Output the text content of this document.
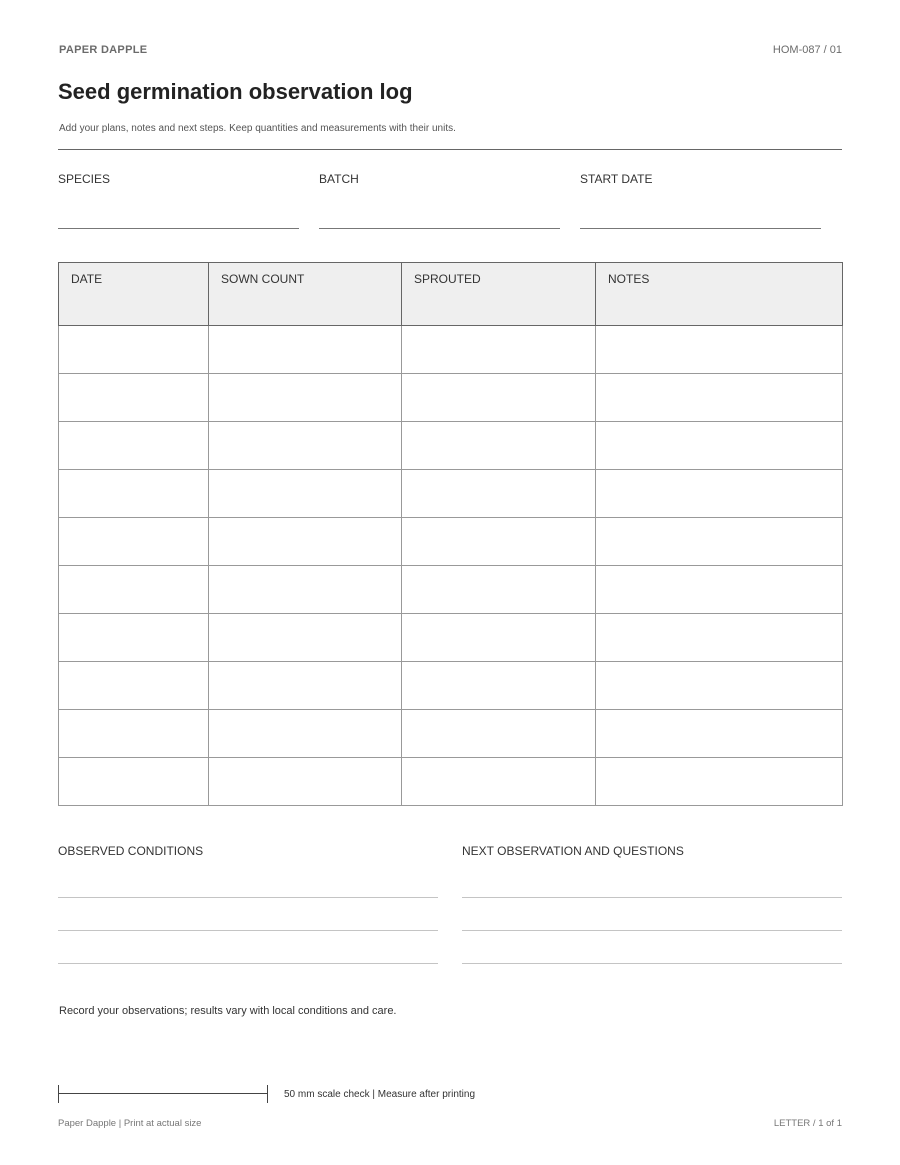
PAPER DAPPLE	HOM-087 / 01
Seed germination observation log
Add your plans, notes and next steps. Keep quantities and measurements with their units.
SPECIES	BATCH	START DATE
DATE	SOWN COUNT	SPROUTED	NOTES

OBSERVED CONDITIONS	NEXT OBSERVATION AND QUESTIONS
Record your observations; results vary with local conditions and care.
50 mm scale check | Measure after printing
Paper Dapple | Print at actual size	LETTER / 1 of 1
